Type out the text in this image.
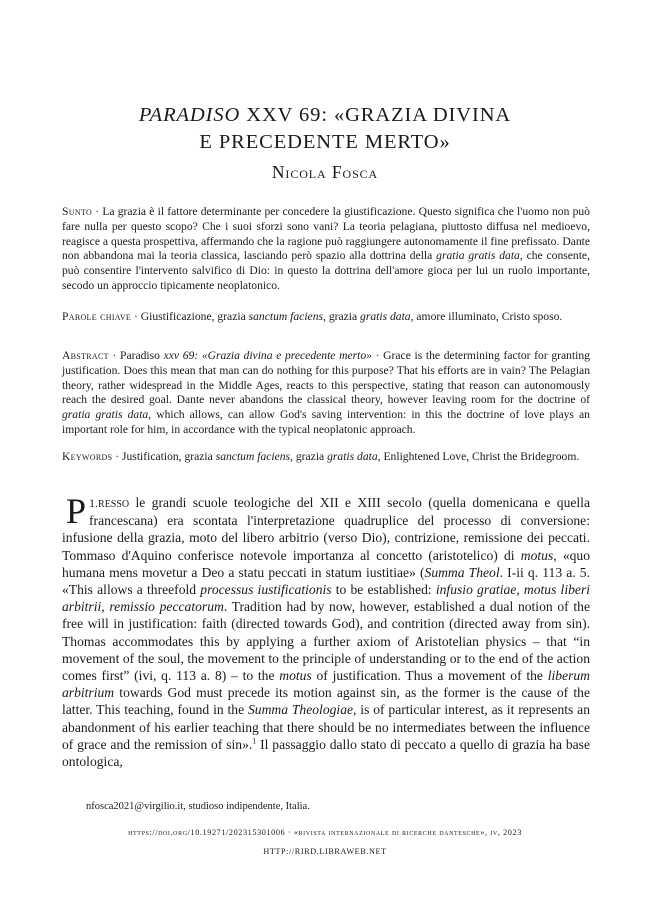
PARADISO XXV 69: «GRAZIA DIVINA
E PRECEDENTE MERTO»
Nicola Fosca

Sunto · La grazia è il fattore determinante per concedere la giustificazione. Questo significa che l'uomo non può fare nulla per questo scopo? Che i suoi sforzi sono vani? La teoria pelagiana, piuttosto diffusa nel medioevo, reagisce a questa prospettiva, affermando che la ragione può raggiungere autonomamente il fine prefissato. Dante non abbandona mai la teoria classica, lasciando però spazio alla dottrina della gratia gratis data, che consente, può consentire l'intervento salvifico di Dio: in questo la dottrina dell'amore gioca per lui un ruolo importante, secodo un approccio tipicamente neoplatonico.

Parole chiave · Giustificazione, grazia sanctum faciens, grazia gratis data, amore illuminato, Cristo sposo.

Abstract · Paradiso xxv 69: «Grazia divina e precedente merto» · Grace is the determining factor for granting justification. Does this mean that man can do nothing for this purpose? That his efforts are in vain? The Pelagian theory, rather widespread in the Middle Ages, reacts to this perspective, stating that reason can autonomously reach the desired goal. Dante never abandons the classical theory, however leaving room for the doctrine of gratia gratis data, which allows, can allow God's saving intervention: in this the doctrine of love plays an important role for him, in accordance with the typical neoplatonic approach.

Keywords · Justification, grazia sanctum faciens, grazia gratis data, Enlightened Love, Christ the Bridegroom.

1.
P resso le grandi scuole teologiche del XII e XIII secolo (quella domenicana e quella francescana) era scontata l'interpretazione quadruplice del processo di conversione: infusione della grazia, moto del libero arbitrio (verso Dio), contrizione, remissione dei peccati. Tommaso d'Aquino conferisce notevole importanza al concetto (aristotelico) di motus, «quo humana mens movetur a Deo a statu peccati in statum iustitiae» (Summa Theol. I-ii q. 113 a. 5. «This allows a threefold processus iustificationis to be established: infusio gratiae, motus liberi arbitrii, remissio peccatorum. Tradition had by now, however, established a dual notion of the free will in justification: faith (directed towards God), and contrition (directed away from sin). Thomas accommodates this by applying a further axiom of Aristotelian physics – that “in movement of the soul, the movement to the principle of understanding or to the end of the action comes first” (ivi, q. 113 a. 8) – to the motus of justification. Thus a movement of the liberum arbitrium towards God must precede its motion against sin, as the former is the cause of the latter. This teaching, found in the Summa Theologiae, is of particular interest, as it represents an abandonment of his earlier teaching that there should be no intermediates between the influence of grace and the remission of sin».$^1$ Il passaggio dallo stato di peccato a quello di grazia ha base ontologica,

nfosca2021@virgilio.it, studioso indipendente, Italia.
https://doi.org/10.19271/202315301006 · «rivista internazionale di ricerche dantesche», iv, 2023
HTTP://RIRD.LIBRAWEB.NET
